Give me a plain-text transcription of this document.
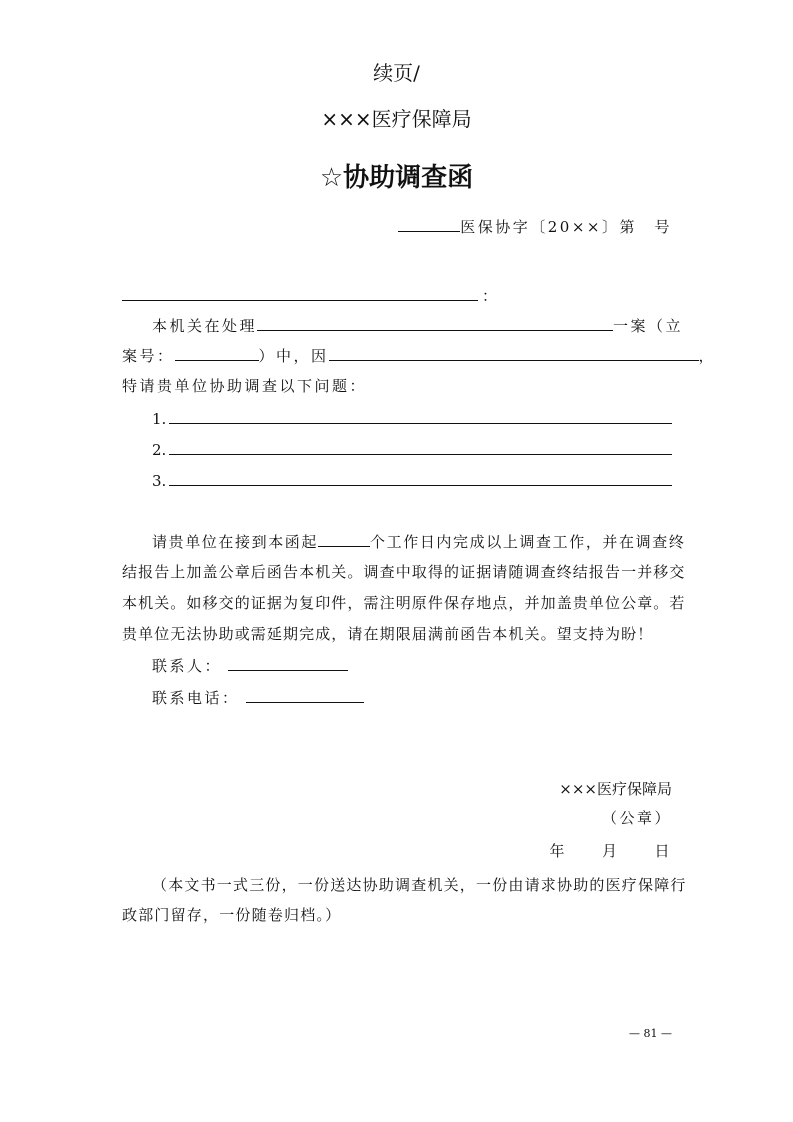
续页/
×××医疗保障局
☆协助调查函
医保协字〔20××〕第　号
：
本机关在处理	一案（立
案号：	）中，因	，
特请贵单位协助调查以下问题：
1.
2.
3.
请贵单位在接到本函起	个工作日内完成以上调查工作，并在调查终
结报告上加盖公章后函告本机关。调查中取得的证据请随调查终结报告一并移交
本机关。如移交的证据为复印件，需注明原件保存地点，并加盖贵单位公章。若
贵单位无法协助或需延期完成，请在期限届满前函告本机关。望支持为盼！
联系人：
联系电话：
×××医疗保障局
（公章）
年　　月　　日
（本文书一式三份，一份送达协助调查机关，一份由请求协助的医疗保障行
政部门留存，一份随卷归档。）
— 81 —
